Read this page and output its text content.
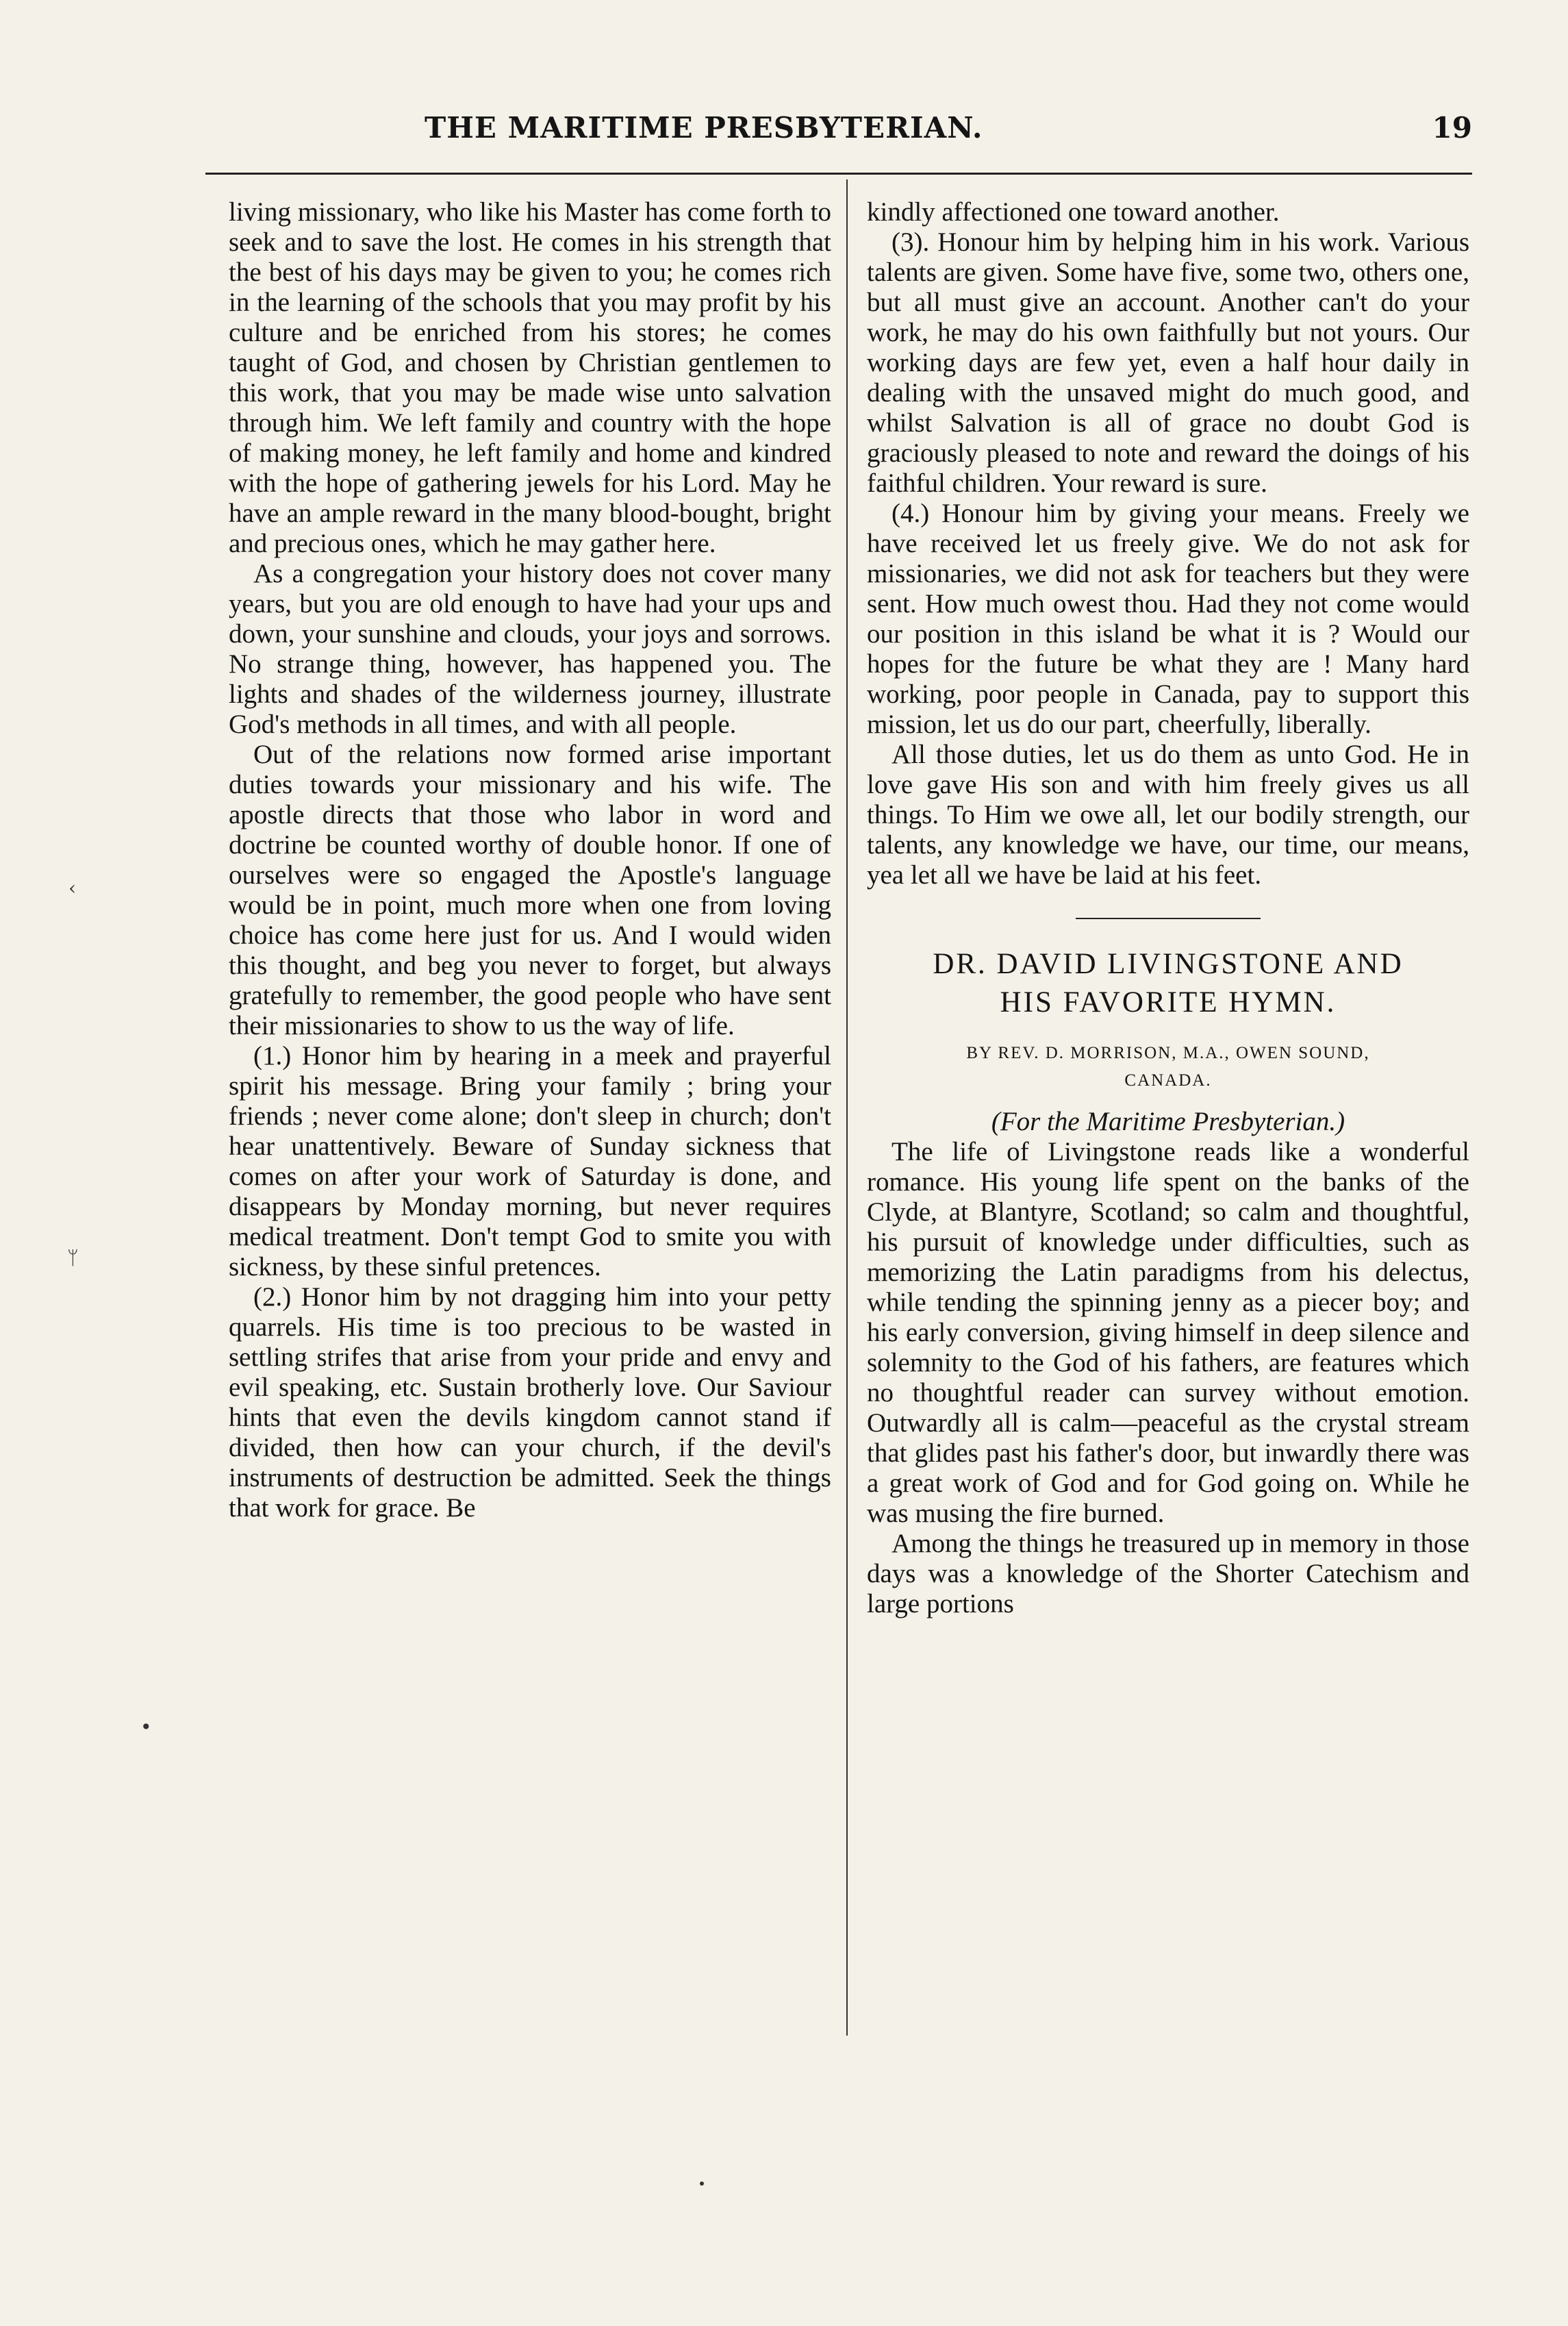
THE MARITIME PRESBYTERIAN.	19

living missionary, who like his Master has come forth to seek and to save the lost. He comes in his strength that the best of his days may be given to you; he comes rich in the learning of the schools that you may profit by his culture and be enriched from his stores; he comes taught of God, and chosen by Christian gentlemen to this work, that you may be made wise unto salvation through him. We left family and country with the hope of making money, he left family and home and kindred with the hope of gathering jewels for his Lord. May he have an ample reward in the many blood-bought, bright and precious ones, which he may gather here.

As a congregation your history does not cover many years, but you are old enough to have had your ups and down, your sunshine and clouds, your joys and sorrows. No strange thing, however, has happened you. The lights and shades of the wilderness journey, illustrate God's methods in all times, and with all people.

Out of the relations now formed arise important duties towards your missionary and his wife. The apostle directs that those who labor in word and doctrine be counted worthy of double honor. If one of ourselves were so engaged the Apostle's language would be in point, much more when one from loving choice has come here just for us. And I would widen this thought, and beg you never to forget, but always gratefully to remember, the good people who have sent their missionaries to show to us the way of life.

(1.) Honor him by hearing in a meek and prayerful spirit his message. Bring your family ; bring your friends ; never come alone; don't sleep in church; don't hear unattentively. Beware of Sunday sickness that comes on after your work of Saturday is done, and disappears by Monday morning, but never requires medical treatment. Don't tempt God to smite you with sickness, by these sinful pretences.

(2.) Honor him by not dragging him into your petty quarrels. His time is too precious to be wasted in settling strifes that arise from your pride and envy and evil speaking, etc. Sustain brotherly love. Our Saviour hints that even the devils kingdom cannot stand if divided, then how can your church, if the devil's instruments of destruction be admitted. Seek the things that work for grace. Be

kindly affectioned one toward another.

(3). Honour him by helping him in his work. Various talents are given. Some have five, some two, others one, but all must give an account. Another can't do your work, he may do his own faithfully but not yours. Our working days are few yet, even a half hour daily in dealing with the unsaved might do much good, and whilst Salvation is all of grace no doubt God is graciously pleased to note and reward the doings of his faithful children. Your reward is sure.

(4.) Honour him by giving your means. Freely we have received let us freely give. We do not ask for missionaries, we did not ask for teachers but they were sent. How much owest thou. Had they not come would our position in this island be what it is ? Would our hopes for the future be what they are ! Many hard working, poor people in Canada, pay to support this mission, let us do our part, cheerfully, liberally.

All those duties, let us do them as unto God. He in love gave His son and with him freely gives us all things. To Him we owe all, let our bodily strength, our talents, any knowledge we have, our time, our means, yea let all we have be laid at his feet.

DR. DAVID LIVINGSTONE AND
HIS FAVORITE HYMN.
BY REV. D. MORRISON, M.A., OWEN SOUND,
CANADA.

(For the Maritime Presbyterian.)

The life of Livingstone reads like a wonderful romance. His young life spent on the banks of the Clyde, at Blantyre, Scotland; so calm and thoughtful, his pursuit of knowledge under difficulties, such as memorizing the Latin paradigms from his delectus, while tending the spinning jenny as a piecer boy; and his early conversion, giving himself in deep silence and solemnity to the God of his fathers, are features which no thoughtful reader can survey without emotion. Outwardly all is calm—peaceful as the crystal stream that glides past his father's door, but inwardly there was a great work of God and for God going on. While he was musing the fire burned.

Among the things he treasured up in memory in those days was a knowledge of the Shorter Catechism and large portions

‹
ᛘ
•
